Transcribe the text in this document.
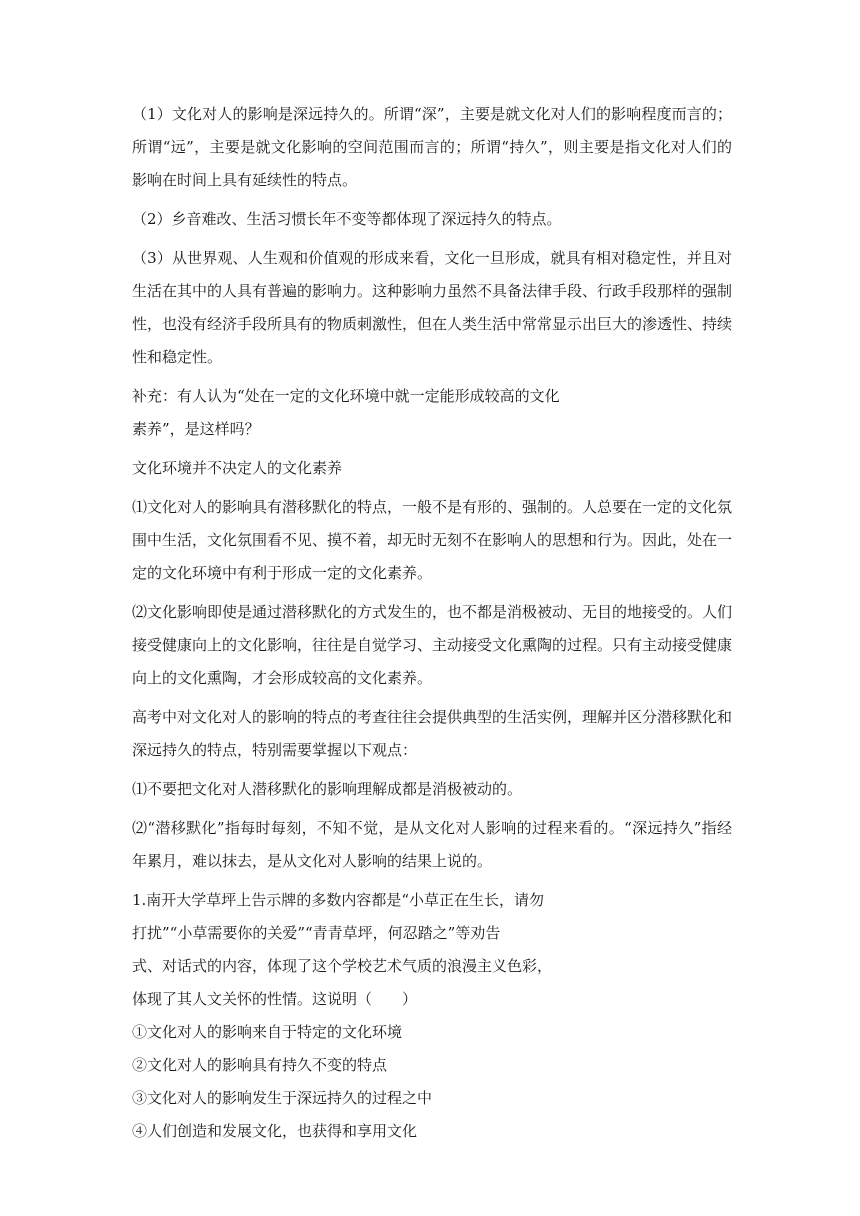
（1）文化对人的影响是深远持久的。所谓“深”，主要是就文化对人们的影响程度而言的；所谓“远”，主要是就文化影响的空间范围而言的；所谓“持久”，则主要是指文化对人们的影响在时间上具有延续性的特点。

（2）乡音难改、生活习惯长年不变等都体现了深远持久的特点。

（3）从世界观、人生观和价值观的形成来看，文化一旦形成，就具有相对稳定性，并且对生活在其中的人具有普遍的影响力。这种影响力虽然不具备法律手段、行政手段那样的强制性，也没有经济手段所具有的物质刺激性，但在人类生活中常常显示出巨大的渗透性、持续性和稳定性。

补充：有人认为“处在一定的文化环境中就一定能形成较高的文化

素养”，是这样吗？

文化环境并不决定人的文化素养

⑴文化对人的影响具有潜移默化的特点，一般不是有形的、强制的。人总要在一定的文化氛围中生活，文化氛围看不见、摸不着，却无时无刻不在影响人的思想和行为。因此，处在一定的文化环境中有利于形成一定的文化素养。

⑵文化影响即使是通过潜移默化的方式发生的，也不都是消极被动、无目的地接受的。人们接受健康向上的文化影响，往往是自觉学习、主动接受文化熏陶的过程。只有主动接受健康向上的文化熏陶，才会形成较高的文化素养。

高考中对文化对人的影响的特点的考查往往会提供典型的生活实例，理解并区分潜移默化和深远持久的特点，特别需要掌握以下观点：

⑴不要把文化对人潜移默化的影响理解成都是消极被动的。

⑵“潜移默化”指每时每刻，不知不觉，是从文化对人影响的过程来看的。“深远持久”指经年累月，难以抹去，是从文化对人影响的结果上说的。

1.南开大学草坪上告示牌的多数内容都是“小草正在生长，请勿

打扰”“小草需要你的关爱”“青青草坪，何忍踏之”等劝告

式、对话式的内容，体现了这个学校艺术气质的浪漫主义色彩，

体现了其人文关怀的性情。这说明（　　）

①文化对人的影响来自于特定的文化环境

②文化对人的影响具有持久不变的特点

③文化对人的影响发生于深远持久的过程之中

④人们创造和发展文化，也获得和享用文化
